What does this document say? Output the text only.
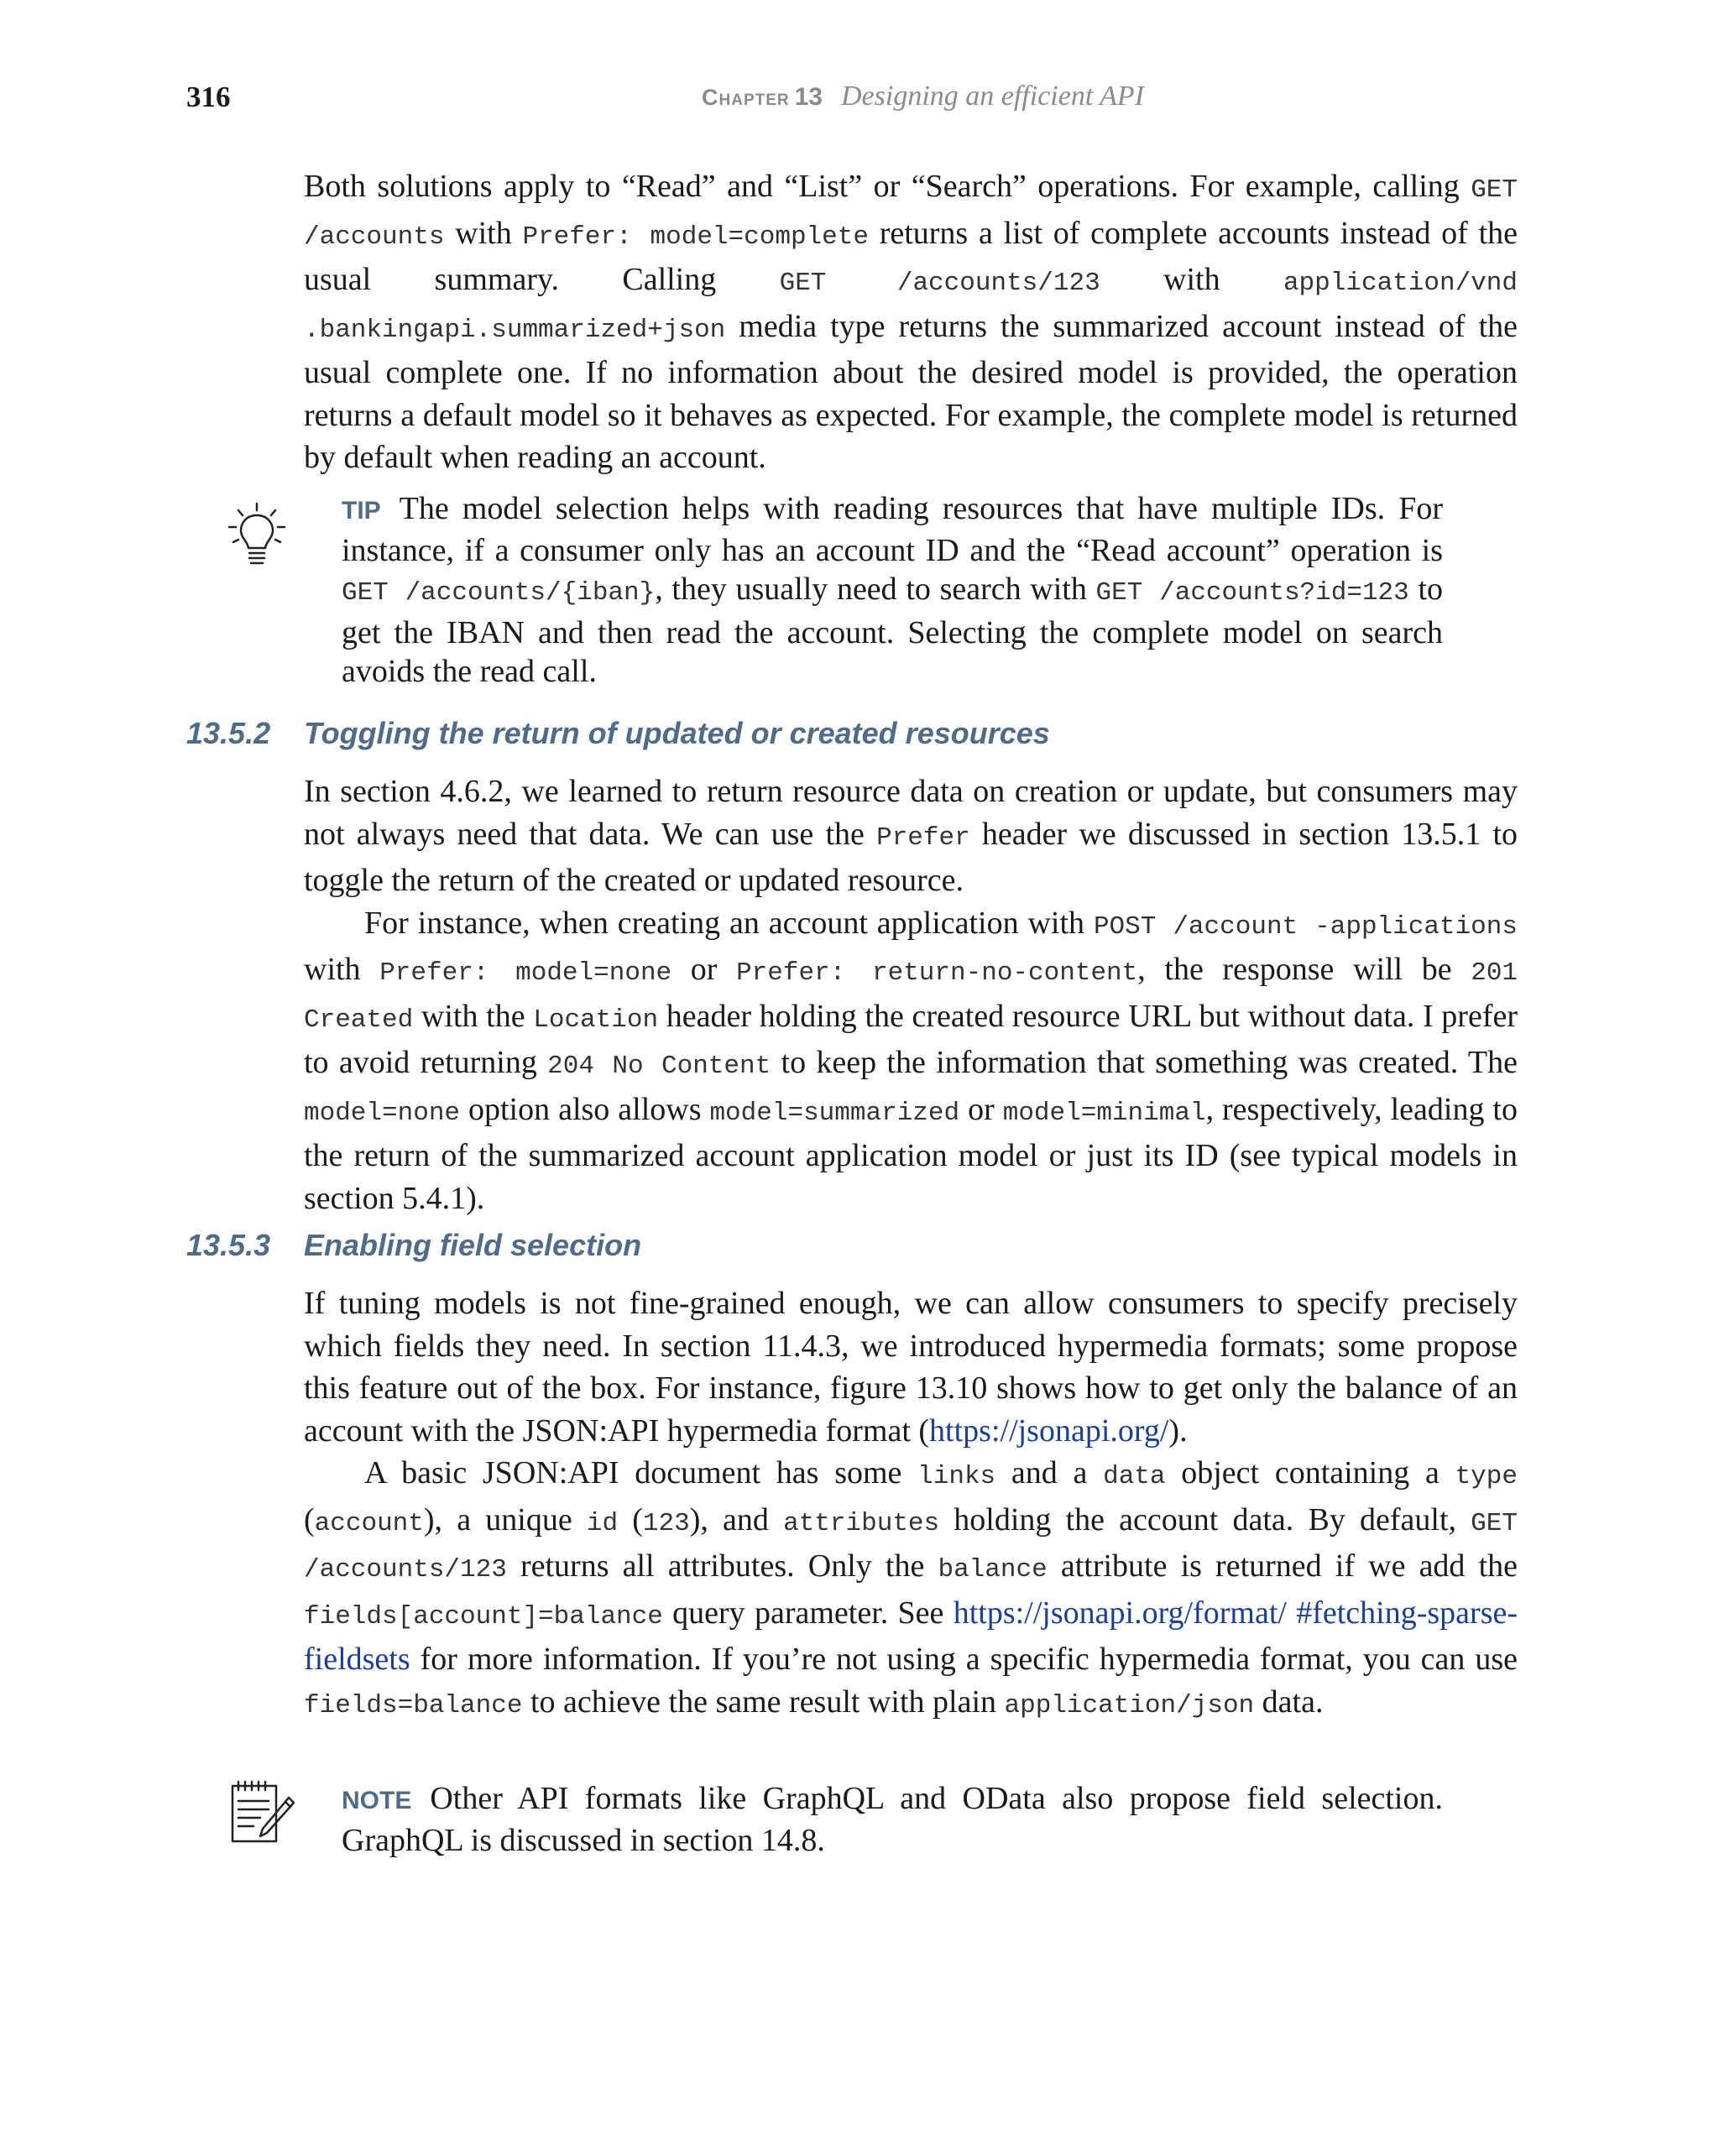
316	Chapter 13 Designing an efficient API

Both solutions apply to “Read” and “List” or “Search” operations. For example, calling GET /accounts with Prefer: model=complete returns a list of complete accounts instead of the usual summary. Calling GET /accounts/123 with application/vnd .bankingapi.summarized+json media type returns the summarized account instead of the usual complete one. If no information about the desired model is provided, the operation returns a default model so it behaves as expected. For example, the complete model is returned by default when reading an account.

TIP The model selection helps with reading resources that have multiple IDs. For instance, if a consumer only has an account ID and the “Read account” operation is GET /accounts/{iban}, they usually need to search with GET /accounts?id=123 to get the IBAN and then read the account. Selecting the complete model on search avoids the read call.
13.5.2 Toggling the return of updated or created resources

In section 4.6.2, we learned to return resource data on creation or update, but consumers may not always need that data. We can use the Prefer header we discussed in section 13.5.1 to toggle the return of the created or updated resource.

For instance, when creating an account application with POST /account -applications with Prefer: model=none or Prefer: return-no-content, the response will be 201 Created with the Location header holding the created resource URL but without data. I prefer to avoid returning 204 No Content to keep the information that something was created. The model=none option also allows model=summarized or model=minimal, respectively, leading to the return of the summarized account application model or just its ID (see typical models in section 5.4.1).

13.5.3 Enabling field selection

If tuning models is not fine-grained enough, we can allow consumers to specify precisely which fields they need. In section 11.4.3, we introduced hypermedia formats; some propose this feature out of the box. For instance, figure 13.10 shows how to get only the balance of an account with the JSON:API hypermedia format (https://jsonapi.org/).

A basic JSON:API document has some links and a data object containing a type (account), a unique id (123), and attributes holding the account data. By default, GET /accounts/123 returns all attributes. Only the balance attribute is returned if we add the fields[account]=balance query parameter. See https://jsonapi.org/format/ #fetching-sparse-fieldsets for more information. If you’re not using a specific hypermedia format, you can use fields=balance to achieve the same result with plain application/json data.

NOTE Other API formats like GraphQL and OData also propose field selection. GraphQL is discussed in section 14.8.
